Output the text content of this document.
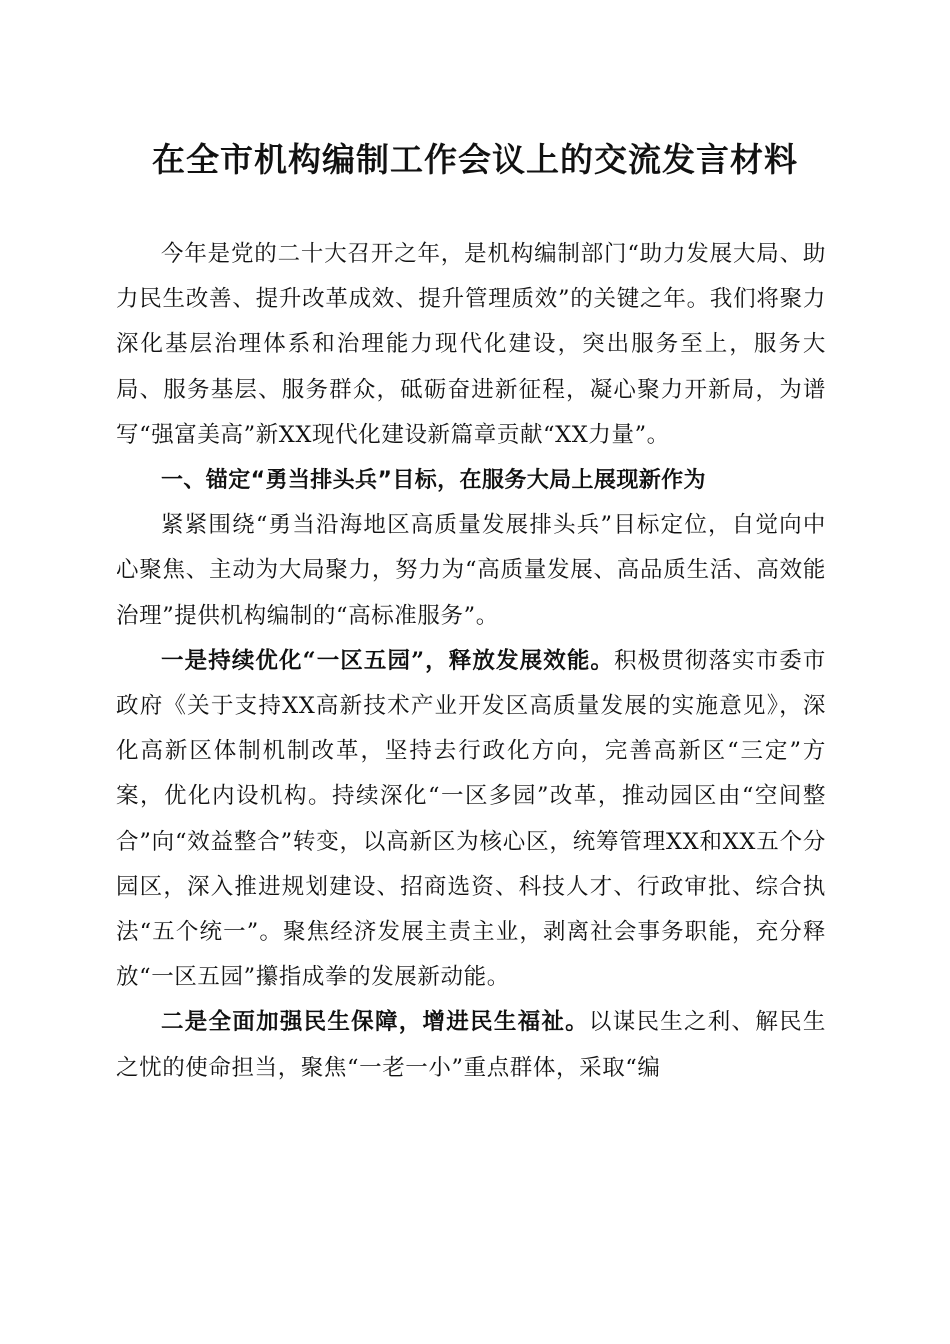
在全市机构编制工作会议上的交流发言材料

今年是党的二十大召开之年，是机构编制部门“助力发展大局、助力民生改善、提升改革成效、提升管理质效”的关键之年。我们将聚力深化基层治理体系和治理能力现代化建设，突出服务至上，服务大局、服务基层、服务群众，砥砺奋进新征程，凝心聚力开新局，为谱写“强富美高”新XX现代化建设新篇章贡献“XX力量”。

一、锚定“勇当排头兵”目标，在服务大局上展现新作为

紧紧围绕“勇当沿海地区高质量发展排头兵”目标定位，自觉向中心聚焦、主动为大局聚力，努力为“高质量发展、高品质生活、高效能治理”提供机构编制的“高标准服务”。

一是持续优化“一区五园”，释放发展效能。积极贯彻落实市委市政府《关于支持XX高新技术产业开发区高质量发展的实施意见》，深化高新区体制机制改革，坚持去行政化方向，完善高新区“三定”方案，优化内设机构。持续深化“一区多园”改革，推动园区由“空间整合”向“效益整合”转变，以高新区为核心区，统筹管理XX和XX五个分园区，深入推进规划建设、招商选资、科技人才、行政审批、综合执法“五个统一”。聚焦经济发展主责主业，剥离社会事务职能，充分释放“一区五园”攥指成拳的发展新动能。

二是全面加强民生保障，增进民生福祉。以谋民生之利、解民生之忧的使命担当，聚焦“一老一小”重点群体，采取“编
